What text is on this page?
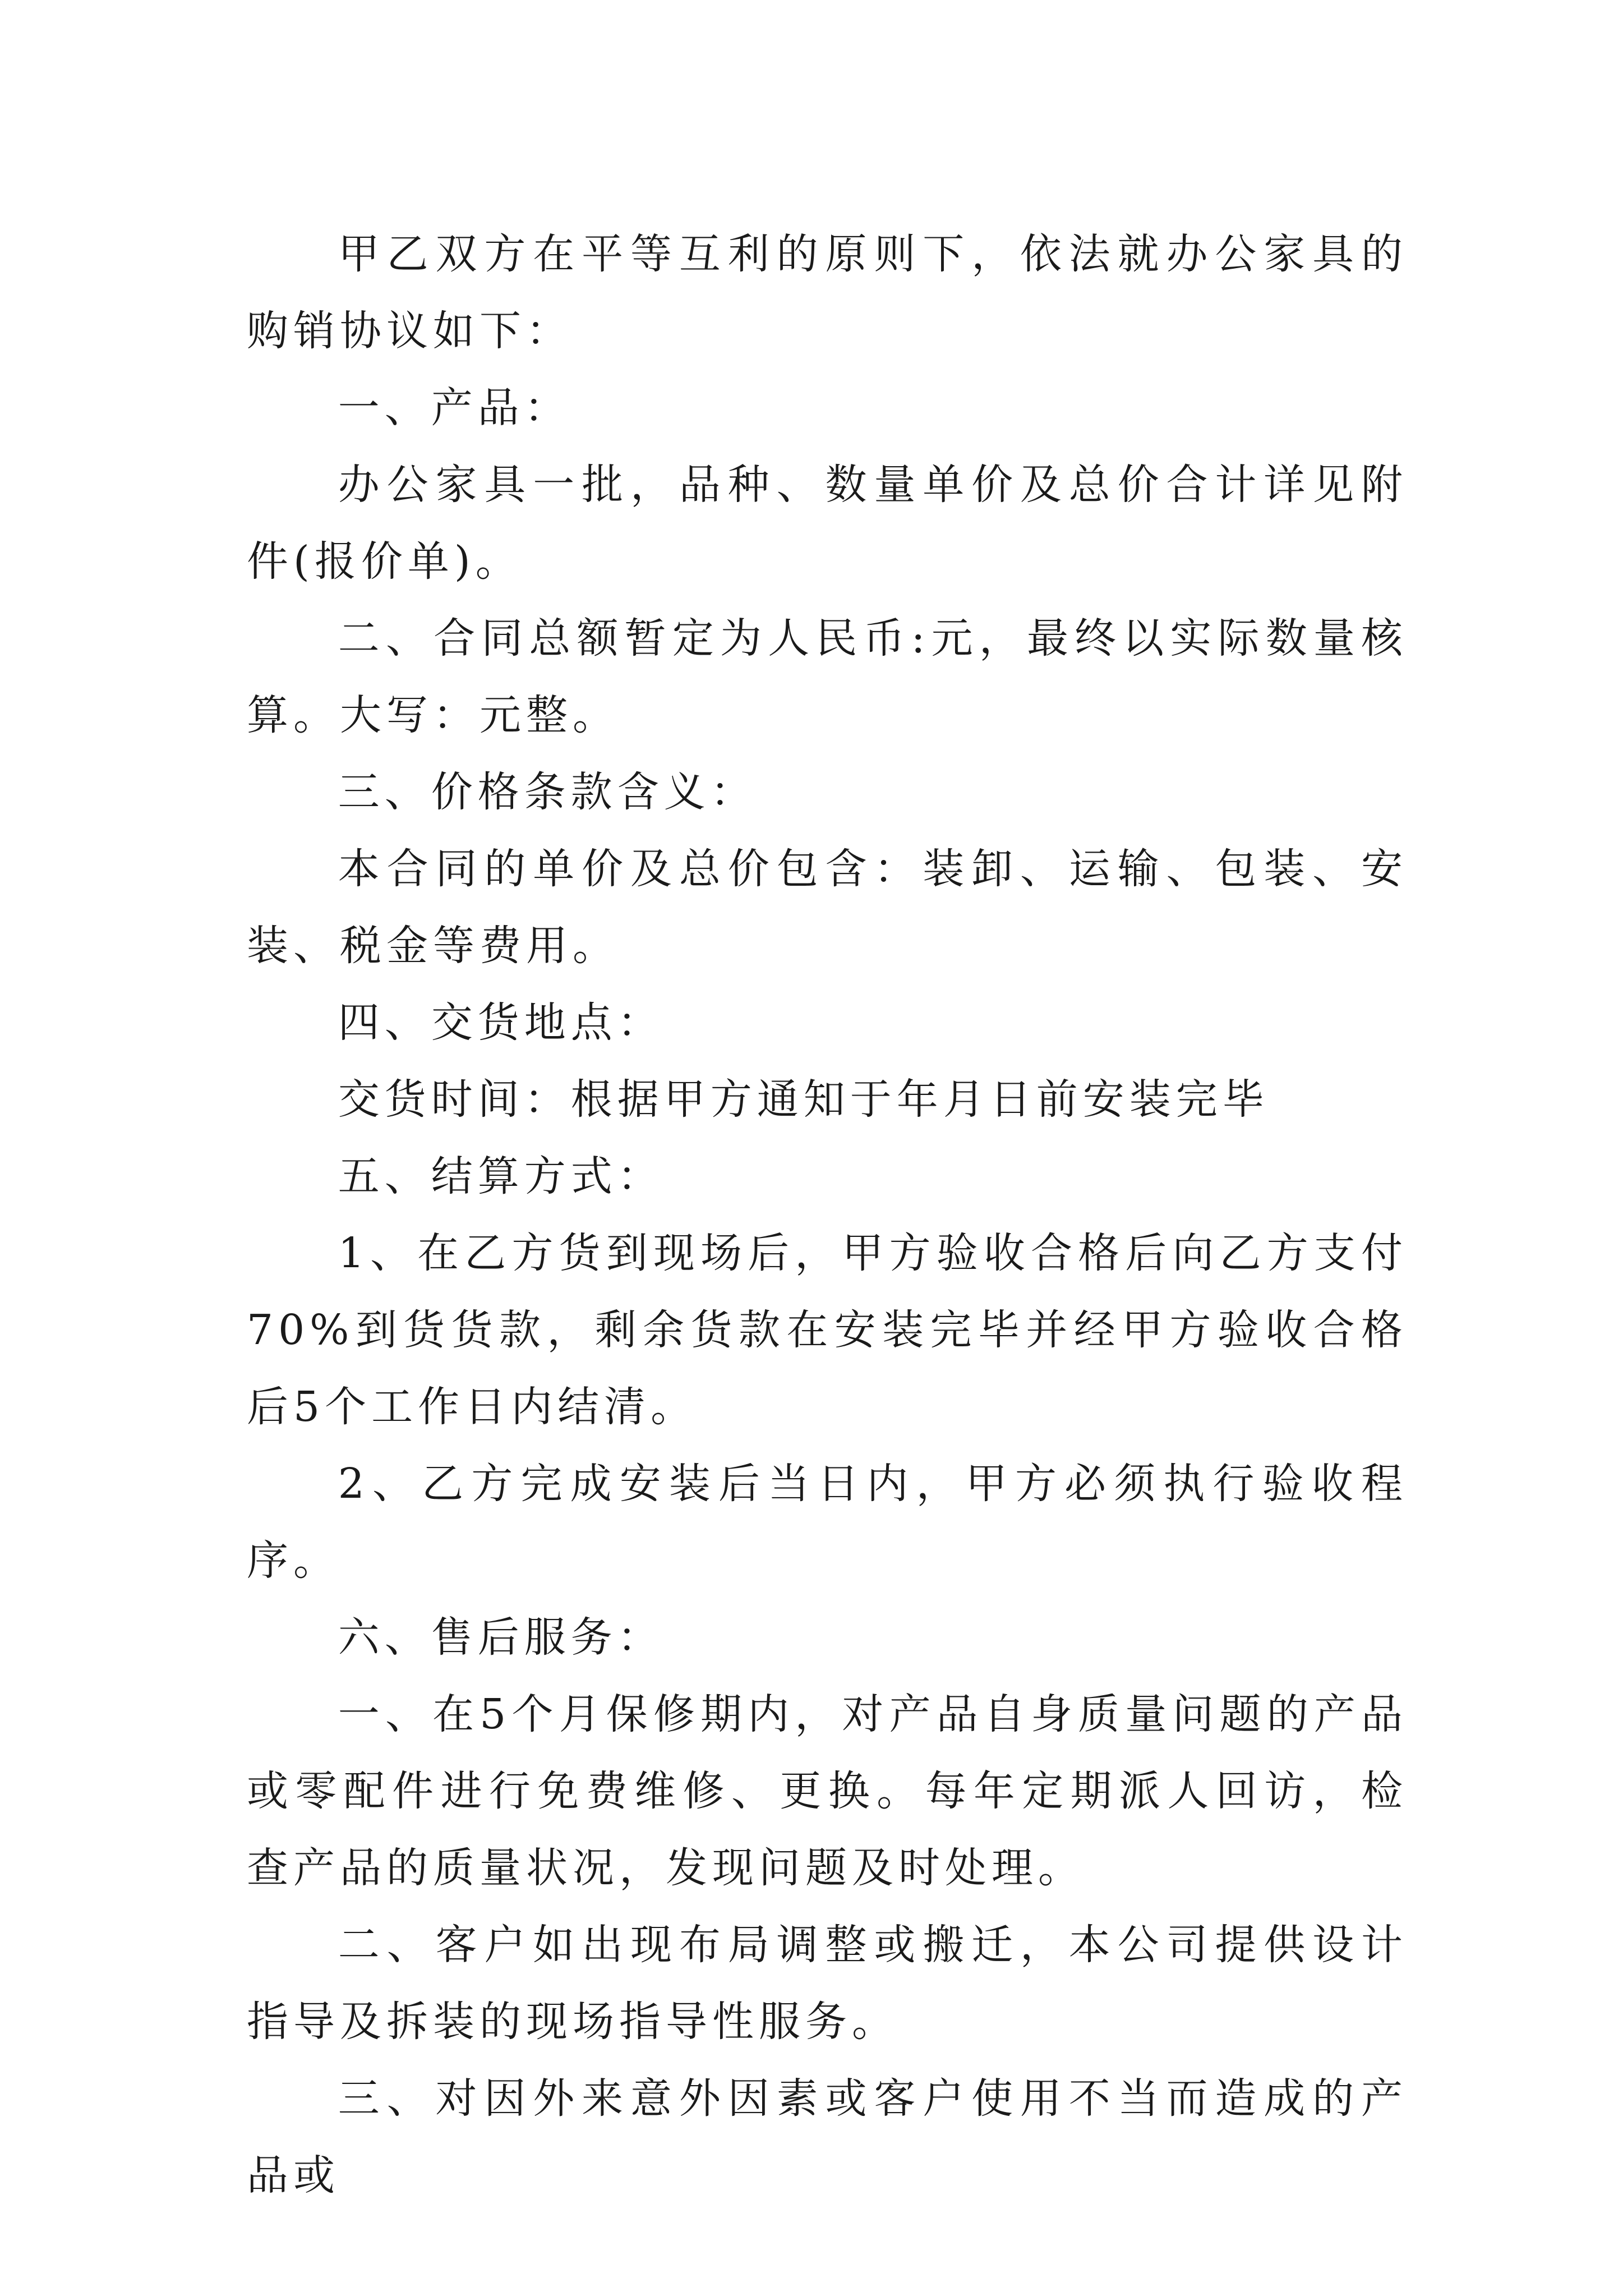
甲乙双方在平等互利的原则下，依法就办公家具的购销协议如下：

一、产品：

办公家具一批，品种、数量单价及总价合计详见附件(报价单)。

二、合同总额暂定为人民币:元，最终以实际数量核算。大写：元整。

三、价格条款含义：

本合同的单价及总价包含：装卸、运输、包装、安装、税金等费用。

四、交货地点：

交货时间：根据甲方通知于年月日前安装完毕

五、结算方式：

1、在乙方货到现场后，甲方验收合格后向乙方支付70%到货货款，剩余货款在安装完毕并经甲方验收合格后5个工作日内结清。

2、乙方完成安装后当日内，甲方必须执行验收程序。

六、售后服务：

一、在5个月保修期内，对产品自身质量问题的产品或零配件进行免费维修、更换。每年定期派人回访，检查产品的质量状况，发现问题及时处理。

二、客户如出现布局调整或搬迁，本公司提供设计指导及拆装的现场指导性服务。

三、对因外来意外因素或客户使用不当而造成的产品或
